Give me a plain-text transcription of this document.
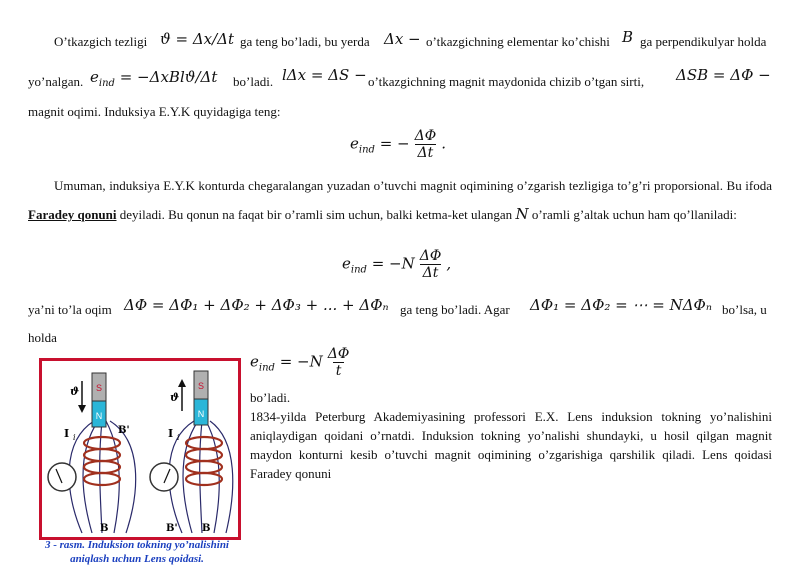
O’tkazgich tezligi ϑ = Δx/Δt ga teng bo’ladi, bu yerda Δx − o’tkazgichning elementar ko’chishi B ga perpendikulyar holda
yo’nalgan. $e_{ind} = -\Delta xBlϑ/\Delta t$ bo’ladi. lΔx = ΔS − o’tkazgichning magnit maydonida chizib o’tgan sirti, ΔSB = ΔΦ −
magnit oqimi. Induksiya E.Y.K quyidagiga teng:
$e_{ind}$ = − $\frac{\Delta\Phi}{\Delta t}$ .
Umuman, induksiya E.Y.K konturda chegaralangan yuzadan o’tuvchi magnit oqimining o’zgarish tezligiga to’g’ri proporsional. Bu ifoda Faradey qonuni deyiladi. Bu qonun na faqat bir o’ramli sim uchun, balki ketma-ket ulangan N o’ramli g’altak uchun ham qo’llaniladi:
$e_{ind} = -N \frac{\Delta\Phi}{\Delta t}$ ,
ya’ni to’la oqim ΔΦ = ΔΦ₁ + ΔΦ₂ + ΔΦ₃ + ... + ΔΦₙ ga teng bo’ladi. Agar ΔΦ₁ = ΔΦ₂ = ⋯ = NΔΦₙ bo’lsa, u
holda
$e_{ind} = -N \frac{\Delta\Phi}{t}$
bo’ladi.
1834-yilda Peterburg Akademiyasining professori E.X. Lens induksion tokning yo’nalishini aniqlaydigan qoidani o’rnatdi. Induksion tokning yo’nalishi shundayki, u hosil qilgan magnit maydon konturni kesib o’tuvchi magnit oqimining o’zgarishiga qarshilik qiladi. Lens qoidasi Faradey qonuni
S
N
ϑ
I i
B'
B
S
N
ϑ
I i
B' B
3 - rasm. Induksion tokning yo’nalishini
aniqlash uchun Lens qoidasi.
